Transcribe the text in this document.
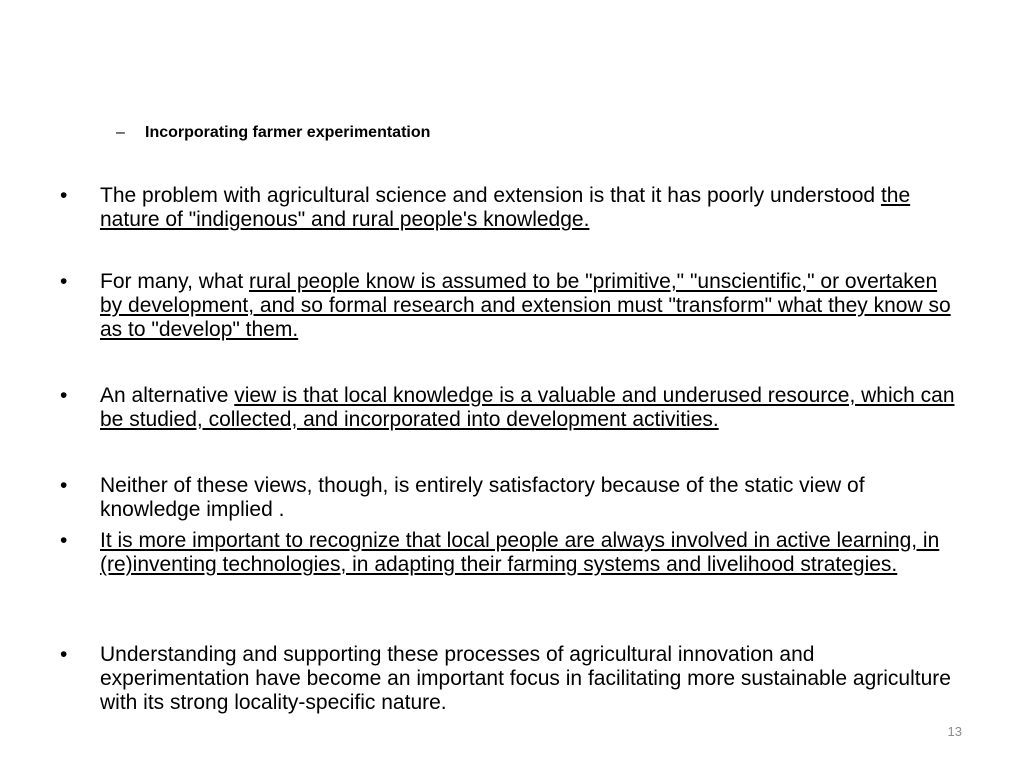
– Incorporating farmer experimentation
•	The problem with agricultural science and extension is that it has poorly understood the nature of "indigenous" and rural people's knowledge.
•	For many, what rural people know is assumed to be "primitive," "unscientific," or overtaken by development, and so formal research and extension must "transform" what they know so as to "develop" them.
•	An alternative view is that local knowledge is a valuable and underused resource, which can be studied, collected, and incorporated into development activities.
•	Neither of these views, though, is entirely satisfactory because of the static view of knowledge implied .
•	It is more important to recognize that local people are always involved in active learning, in (re)inventing technologies, in adapting their farming systems and livelihood strategies.
•	Understanding and supporting these processes of agricultural innovation and experimentation have become an important focus in facilitating more sustainable agriculture with its strong locality-specific nature.
13
